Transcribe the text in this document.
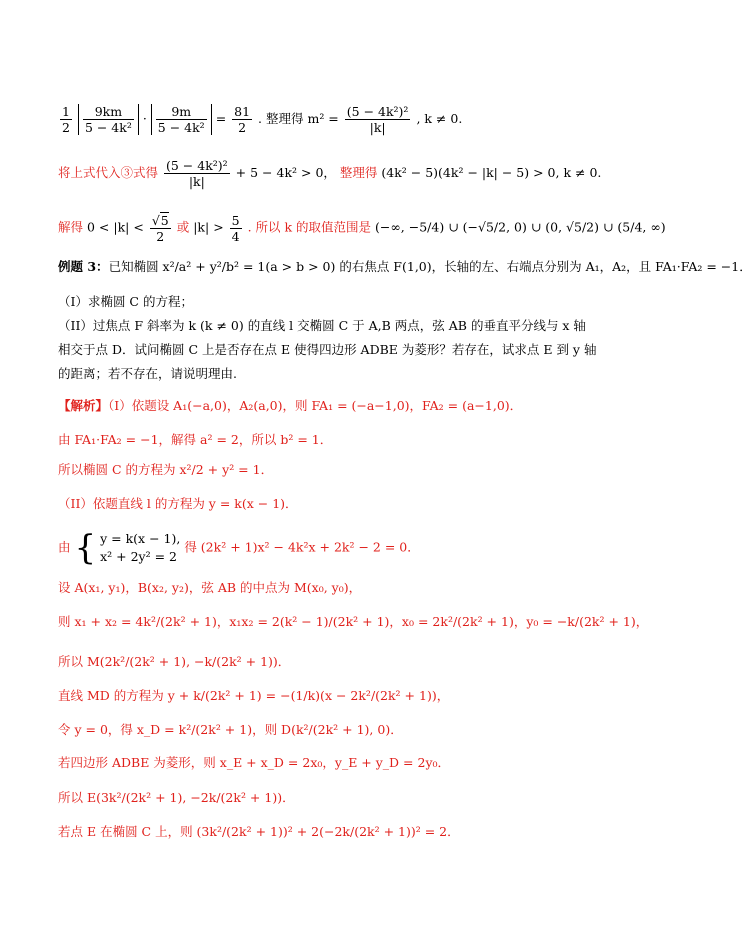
$\frac{1}{2}$
$\frac{9km}{\text{5 − 4k²}} \cdot \frac{9m}{\text{5 − 4k²}} = \frac{81}{2}$ . 整理得 $m^2 = \frac{\text{(5 − 4k²)²}}{|k|}$ , k ≠ 0.
将上式代入③式得 $\frac{\text{(5 − 4k²)²}}{|k|} + 5 - 4k^2 > 0$， 整理得 (4k² − 5)(4k² − |k| − 5) > 0, k ≠ 0.
解得 $0 < |k| < \frac{√5}{2}$ 或 $|k| > \frac{5}{4}$ . 所以 k 的取值范围是 (−∞, −5/4) ∪ (−√5/2, 0) ∪ (0, √5/2) ∪ (5/4, ∞)
例题 3：已知椭圆 x²/a² + y²/b² = 1(a > b > 0) 的右焦点 F(1,0)，长轴的左、右端点分别为 A₁，A₂，且 FA₁·FA₂ = −1．
（I）求椭圆 C 的方程；
（II）过焦点 F 斜率为 k (k ≠ 0) 的直线 l 交椭圆 C 于 A,B 两点，弦 AB 的垂直平分线与 x 轴相交于点 D．试问椭圆 C 上是否存在点 E 使得四边形 ADBE 为菱形？若存在，试求点 E 到 y 轴的距离；若不存在，请说明理由.
【解析】（I）依题设 A₁(−a,0)，A₂(a,0)，则 FA₁ = (−a−1,0)，FA₂ = (a−1,0)．
由 FA₁·FA₂ = −1，解得 a² = 2，所以 b² = 1．
所以椭圆 C 的方程为 x²/2 + y² = 1．
（II）依题直线 l 的方程为 y = k(x − 1)．
由 { y = k(x − 1),
x² + 2y² = 2 得 (2k² + 1)x² − 4k²x + 2k² − 2 = 0．
设 A(x₁, y₁)，B(x₂, y₂)，弦 AB 的中点为 M(x₀, y₀)，
则 x₁ + x₂ = 4k²/(2k² + 1)，x₁x₂ = 2(k² − 1)/(2k² + 1)，x₀ = 2k²/(2k² + 1)，y₀ = −k/(2k² + 1)，
所以 M(2k²/(2k² + 1), −k/(2k² + 1))．
直线 MD 的方程为 y + k/(2k² + 1) = −(1/k)(x − 2k²/(2k² + 1))，
令 y = 0，得 x_D = k²/(2k² + 1)，则 D(k²/(2k² + 1), 0)．
若四边形 ADBE 为菱形，则 x_E + x_D = 2x₀，y_E + y_D = 2y₀．
所以 E(3k²/(2k² + 1), −2k/(2k² + 1))．
若点 E 在椭圆 C 上，则 (3k²/(2k² + 1))² + 2(−2k/(2k² + 1))² = 2．
